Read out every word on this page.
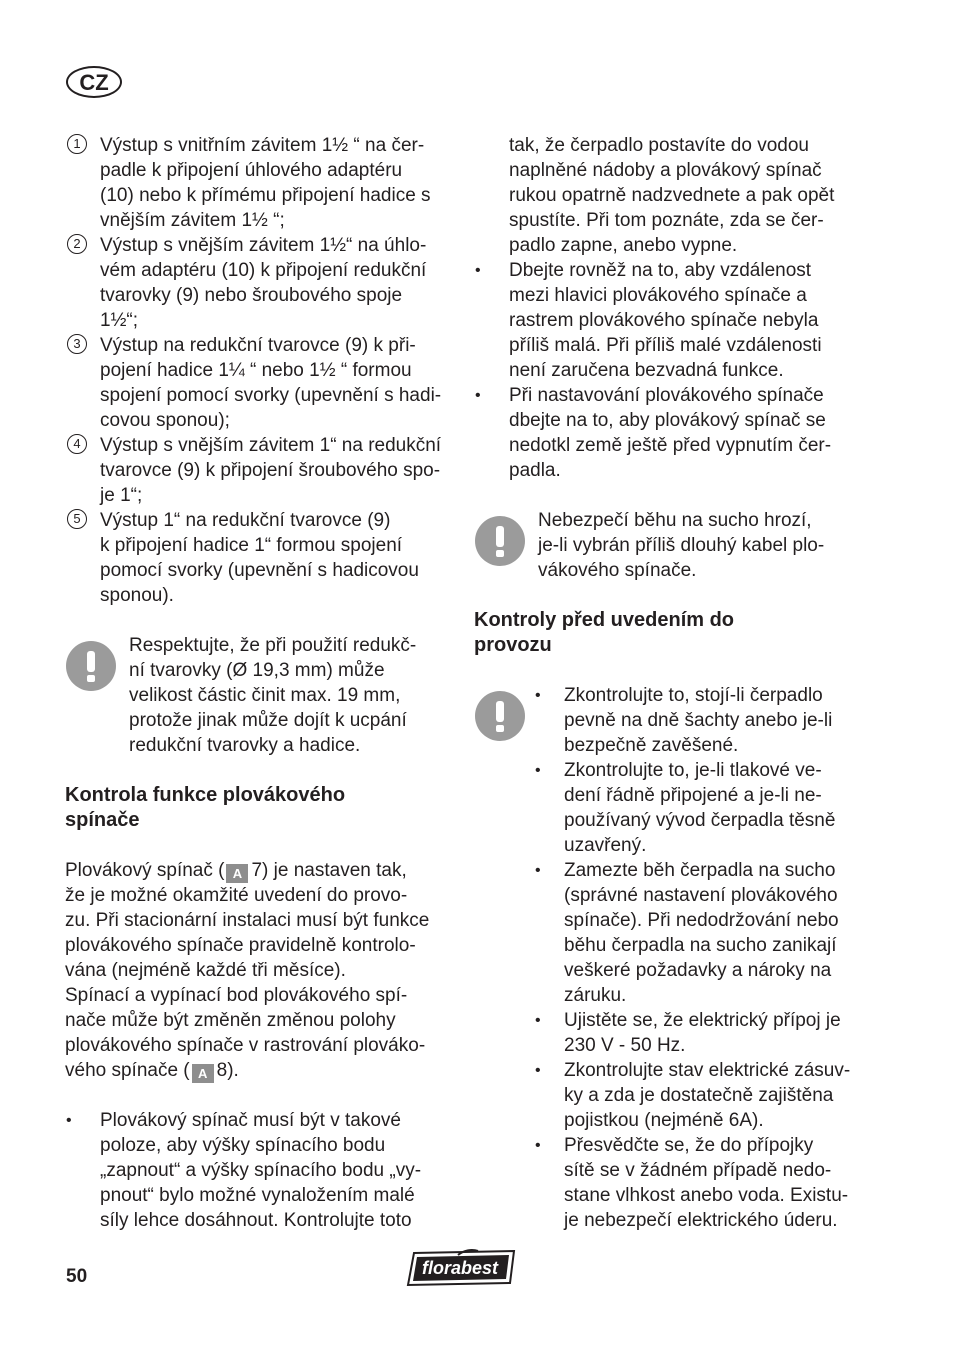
CZ
1	Výstup s vnitřním závitem 1½ “ na čer-
padle k připojení úhlového adaptéru
(10) nebo k přímému připojení hadice s
vnějším závitem 1½ “;
2	Výstup s vnějším závitem 1½“ na úhlo-
vém adaptéru (10) k připojení redukční
tvarovky (9) nebo šroubového spoje
1½“;
3	Výstup na redukční tvarovce (9) k při-
pojení hadice 1¼ “ nebo 1½ “ formou
spojení pomocí svorky (upevnění s hadi-
covou sponou);
4	Výstup s vnějším závitem 1“ na redukční
tvarovce (9) k připojení šroubového spo-
je 1“;
5	Výstup 1“ na redukční tvarovce (9)
k připojení hadice 1“ formou spojení
pomocí svorky (upevnění s hadicovou
sponou).
Respektujte, že při použití redukč-
ní tvarovky (Ø 19,3 mm) může
velikost částic činit max. 19 mm,
protože jinak může dojít k ucpání
redukční tvarovky a hadice.
Kontrola funkce plovákového
spínače
Plovákový spínač ( A 7) je nastaven tak,
že je možné okamžité uvedení do provo-
zu. Při stacionární instalaci musí být funkce
plovákového spínače pravidelně kontrolo-
vána (nejméně každé tři měsíce).
Spínací a vypínací bod plovákového spí-
nače může být změněn změnou polohy
plovákového spínače v rastrování plováko-
vého spínače ( A 8).
• Plovákový spínač musí být v takové
poloze, aby výšky spínacího bodu
„zapnout“ a výšky spínacího bodu „vy-
pnout“ bylo možné vynaložením malé
síly lehce dosáhnout. Kontrolujte toto
tak, že čerpadlo postavíte do vodou
naplněné nádoby a plovákový spínač
rukou opatrně nadzvednete a pak opět
spustíte. Při tom poznáte, zda se čer-
padlo zapne, anebo vypne.
• Dbejte rovněž na to, aby vzdálenost
mezi hlavici plovákového spínače a
rastrem plovákového spínače nebyla
příliš malá. Při příliš malé vzdálenosti
není zaručena bezvadná funkce.
• Při nastavování plovákového spínače
dbejte na to, aby plovákový spínač se
nedotkl země ještě před vypnutím čer-
padla.
Nebezpečí běhu na sucho hrozí,
je-li vybrán příliš dlouhý kabel plo-
vákového spínače.
Kontroly před uvedením do
provozu
• Zkontrolujte to, stojí-li čerpadlo
pevně na dně šachty anebo je-li
bezpečně zavěšené.
• Zkontrolujte to, je-li tlakové ve-
dení řádně připojené a je-li ne-
používaný vývod čerpadla těsně
uzavřený.
• Zamezte běh čerpadla na sucho
(správné nastavení plovákového
spínače). Při nedodržování nebo
běhu čerpadla na sucho zanikají
veškeré požadavky a nároky na
záruku.
• Ujistěte se, že elektrický přípoj je
230 V - 50 Hz.
• Zkontrolujte stav elektrické zásuv-
ky a zda je dostatečně zajištěna
pojistkou (nejméně 6A).
• Přesvědčte se, že do přípojky
sítě se v žádném případě nedo-
stane vlhkost anebo voda. Existu-
je nebezpečí elektrického úderu.
50	florabest
